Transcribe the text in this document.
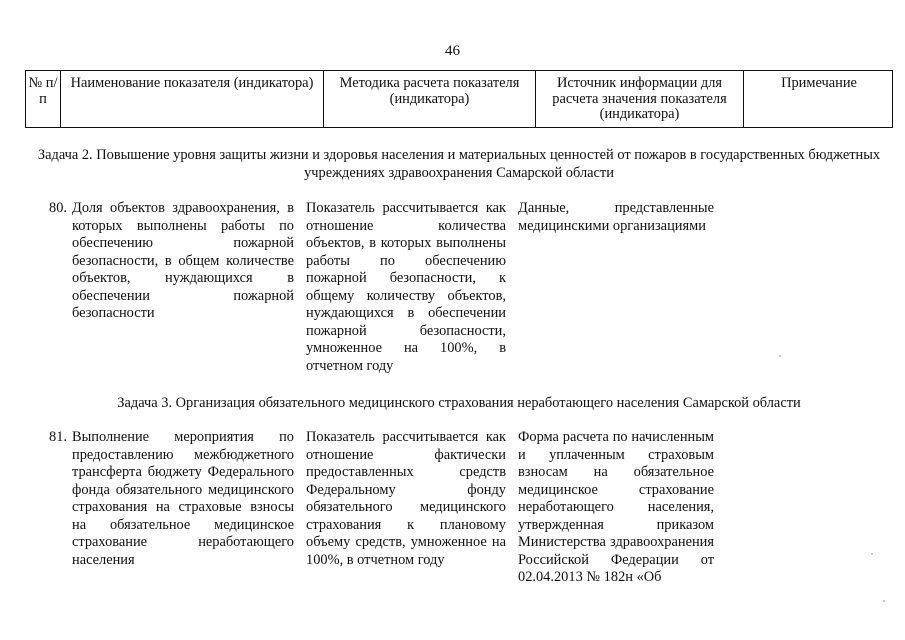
46
№ п/п
Наименование показателя (индикатора)	Методика расчета показателя (индикатора)
Источник информации для расчета значения показателя (индикатора)
Примечание
Задача 2. Повышение уровня защиты жизни и здоровья населения и материальных ценностей от пожаров в государственных бюджетных учреждениях здравоохранения Самарской области
80. Доля объектов здравоохранения, в которых выполнены работы по обеспечению пожарной безопасности, в общем количестве объектов, нуждающихся в обеспечении пожарной безопасности
Показатель рассчитывается как отношение количества объектов, в которых выполнены работы по обеспечению пожарной безопасности, к общему количеству объектов, нуждающихся в обеспечении пожарной безопасности, умноженное на 100%, в отчетном году
Данные, представленные медицинскими организациями
Задача 3. Организация обязательного медицинского страхования неработающего населения Самарской области
81. Выполнение мероприятия по предоставлению межбюджетного трансферта бюджету Федерального фонда обязательного медицинского страхования на страховые взносы на обязательное медицинское страхование неработающего населения
Показатель рассчитывается как отношение фактически предоставленных средств Федеральному фонду обязательного медицинского страхования к плановому объему средств, умноженное на 100%, в отчетном году
Форма расчета по начисленным и уплаченным страховым взносам на обязательное медицинское страхование неработающего населения, утвержденная приказом Министерства здравоохранения Российской Федерации от 02.04.2013 № 182н «Об
